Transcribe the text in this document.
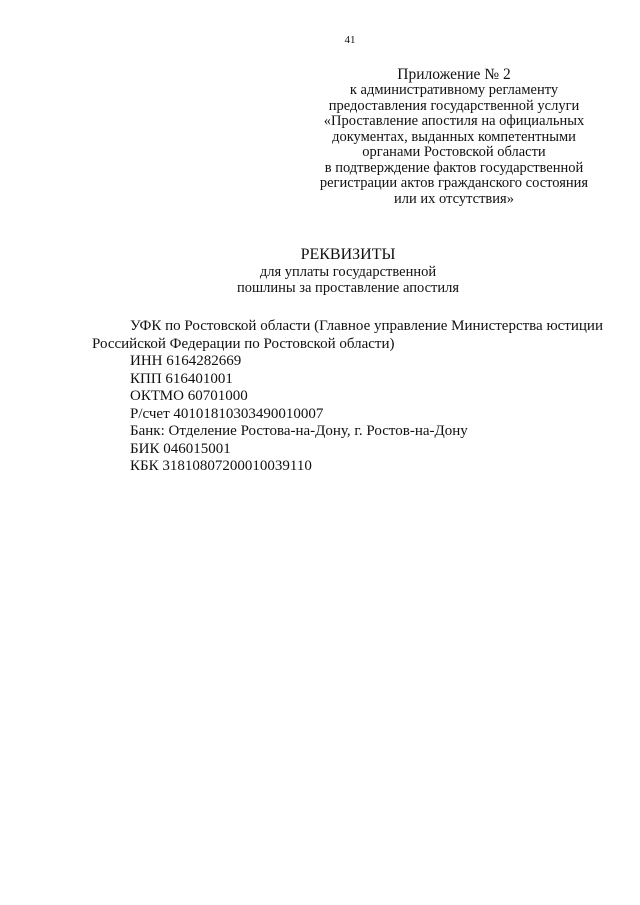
41
Приложение № 2
к административному регламенту
предоставления государственной услуги
«Проставление апостиля на официальных
документах, выданных компетентными
органами Ростовской области
в подтверждение фактов государственной
регистрации актов гражданского состояния
или их отсутствия»
РЕКВИЗИТЫ
для уплаты государственной
пошлины за проставление апостиля

УФК по Ростовской области (Главное управление Министерства юстиции Российской Федерации по Ростовской области)

ИНН 6164282669

КПП 616401001

ОКТМО 60701000

Р/счет 40101810303490010007

Банк: Отделение Ростова-на-Дону, г. Ростов-на-Дону

БИК 046015001

КБК 31810807200010039110
